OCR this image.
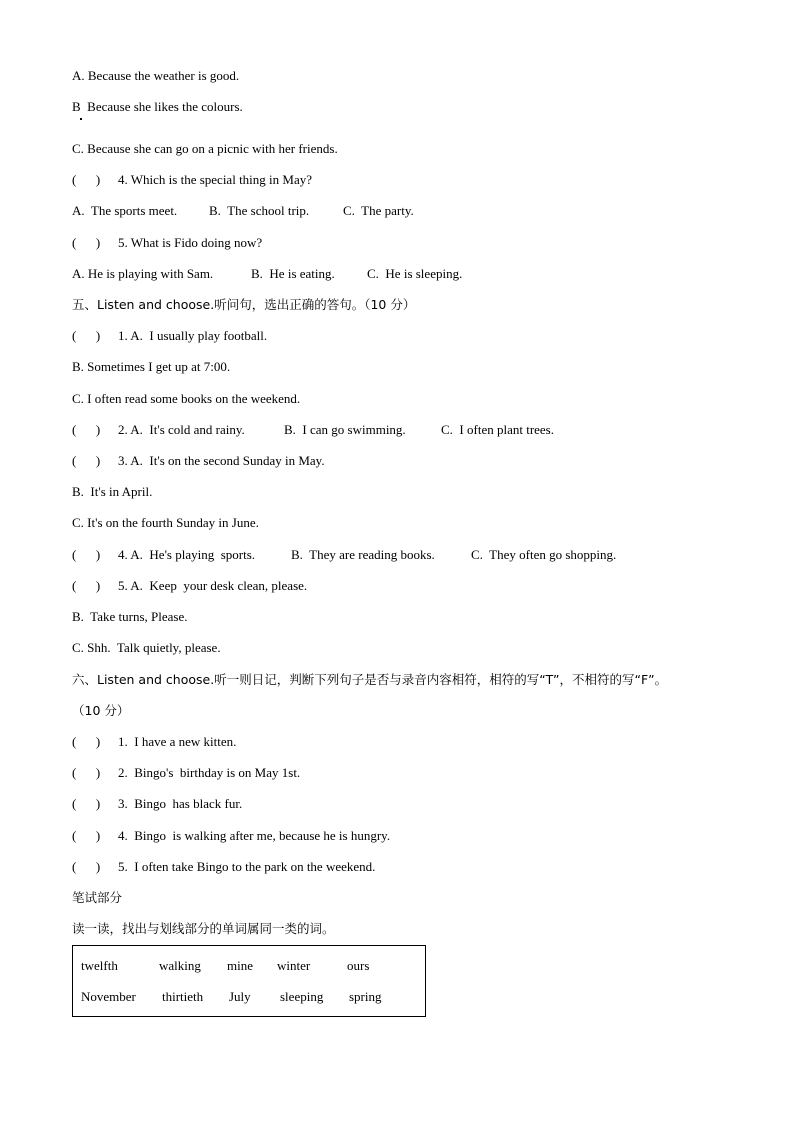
A. Because the weather is good.
B  Because she likes the colours.
C. Because she can go on a picnic with her friends.
(      ) 4. Which is the special thing in May?
A.  The sports meet. B.  The school trip.	C.  The party.
(      ) 5. What is Fido doing now?
A. He is playing with Sam.	B.  He is eating. C.  He is sleeping.
五、Listen and choose.听问句，选出正确的答句。（10 分）
(      ) 1. A.  I usually play football.
B. Sometimes I get up at 7:00.
C. I often read some books on the weekend.
(      ) 2. A.  It's cold and rainy.	B.  I can go swimming.	C.  I often plant trees.
(      ) 3. A.  It's on the second Sunday in May.
B.  It's in April.
C. It's on the fourth Sunday in June.
(      ) 4. A.  He's playing  sports.	B.  They are reading books.	C.  They often go shopping.
(      ) 5. A.  Keep  your desk clean, please.
B.  Take turns, Please.
C. Shh.  Talk quietly, please.
六、Listen and choose.听一则日记，判断下列句子是否与录音内容相符，相符的写“T”，不相符的写“F”。
（10 分）
(      ) 1.  I have a new kitten.
(      ) 2.  Bingo's  birthday is on May 1st.
(      ) 3.  Bingo  has black fur.
(      ) 4.  Bingo  is walking after me, because he is hungry.
(      ) 5.  I often take Bingo to the park on the weekend.
笔试部分
读一读，找出与划线部分的单词属同一类的词。
twelfth	walking mine winter	ours
November thirtieth July sleeping spring
